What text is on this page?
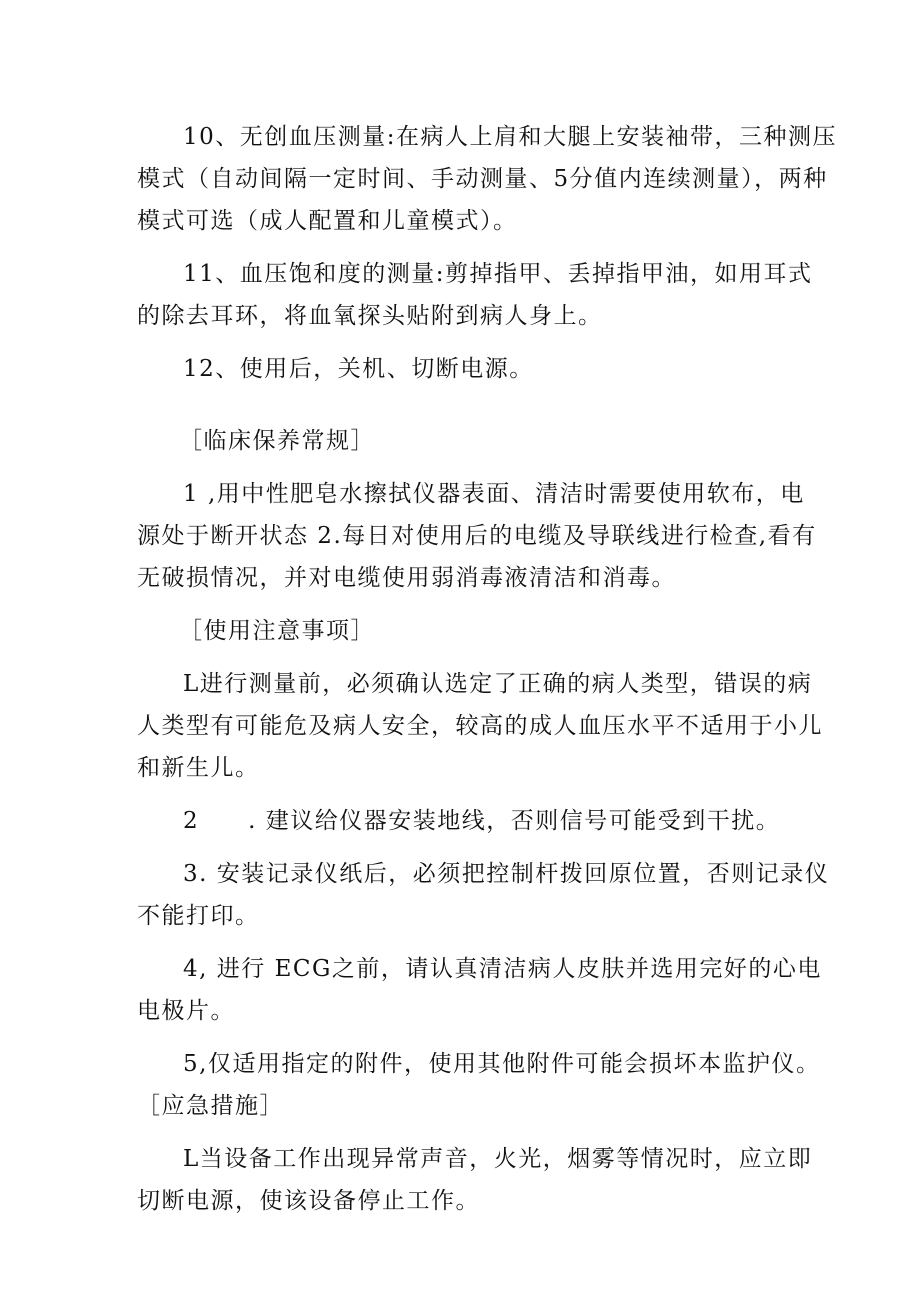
10、无创血压测量:在病人上肩和大腿上安装袖带，三种测压
模式（自动间隔一定时间、手动测量、5分值内连续测量），两种
模式可选（成人配置和儿童模式）。
11、血压饱和度的测量:剪掉指甲、丢掉指甲油，如用耳式
的除去耳环，将血氧探头贴附到病人身上。
12、使用后，关机、切断电源。
［临床保养常规］
1 ,用中性肥皂水擦拭仪器表面、清洁时需要使用软布，电
源处于断开状态 2.每日对使用后的电缆及导联线进行检查,看有
无破损情况，并对电缆使用弱消毒液清洁和消毒。
［使用注意事项］
L进行测量前，必须确认选定了正确的病人类型，错误的病
人类型有可能危及病人安全，较高的成人血压水平不适用于小儿
和新生儿。
2　　. 建议给仪器安装地线，否则信号可能受到干扰。
3. 安装记录仪纸后，必须把控制杆拨回原位置，否则记录仪
不能打印。
4, 进行 ECG之前，请认真清洁病人皮肤并选用完好的心电
电极片。
5,仅适用指定的附件，使用其他附件可能会损坏本监护仪。
［应急措施］
L当设备工作出现异常声音，火光，烟雾等情况时，应立即
切断电源，使该设备停止工作。
